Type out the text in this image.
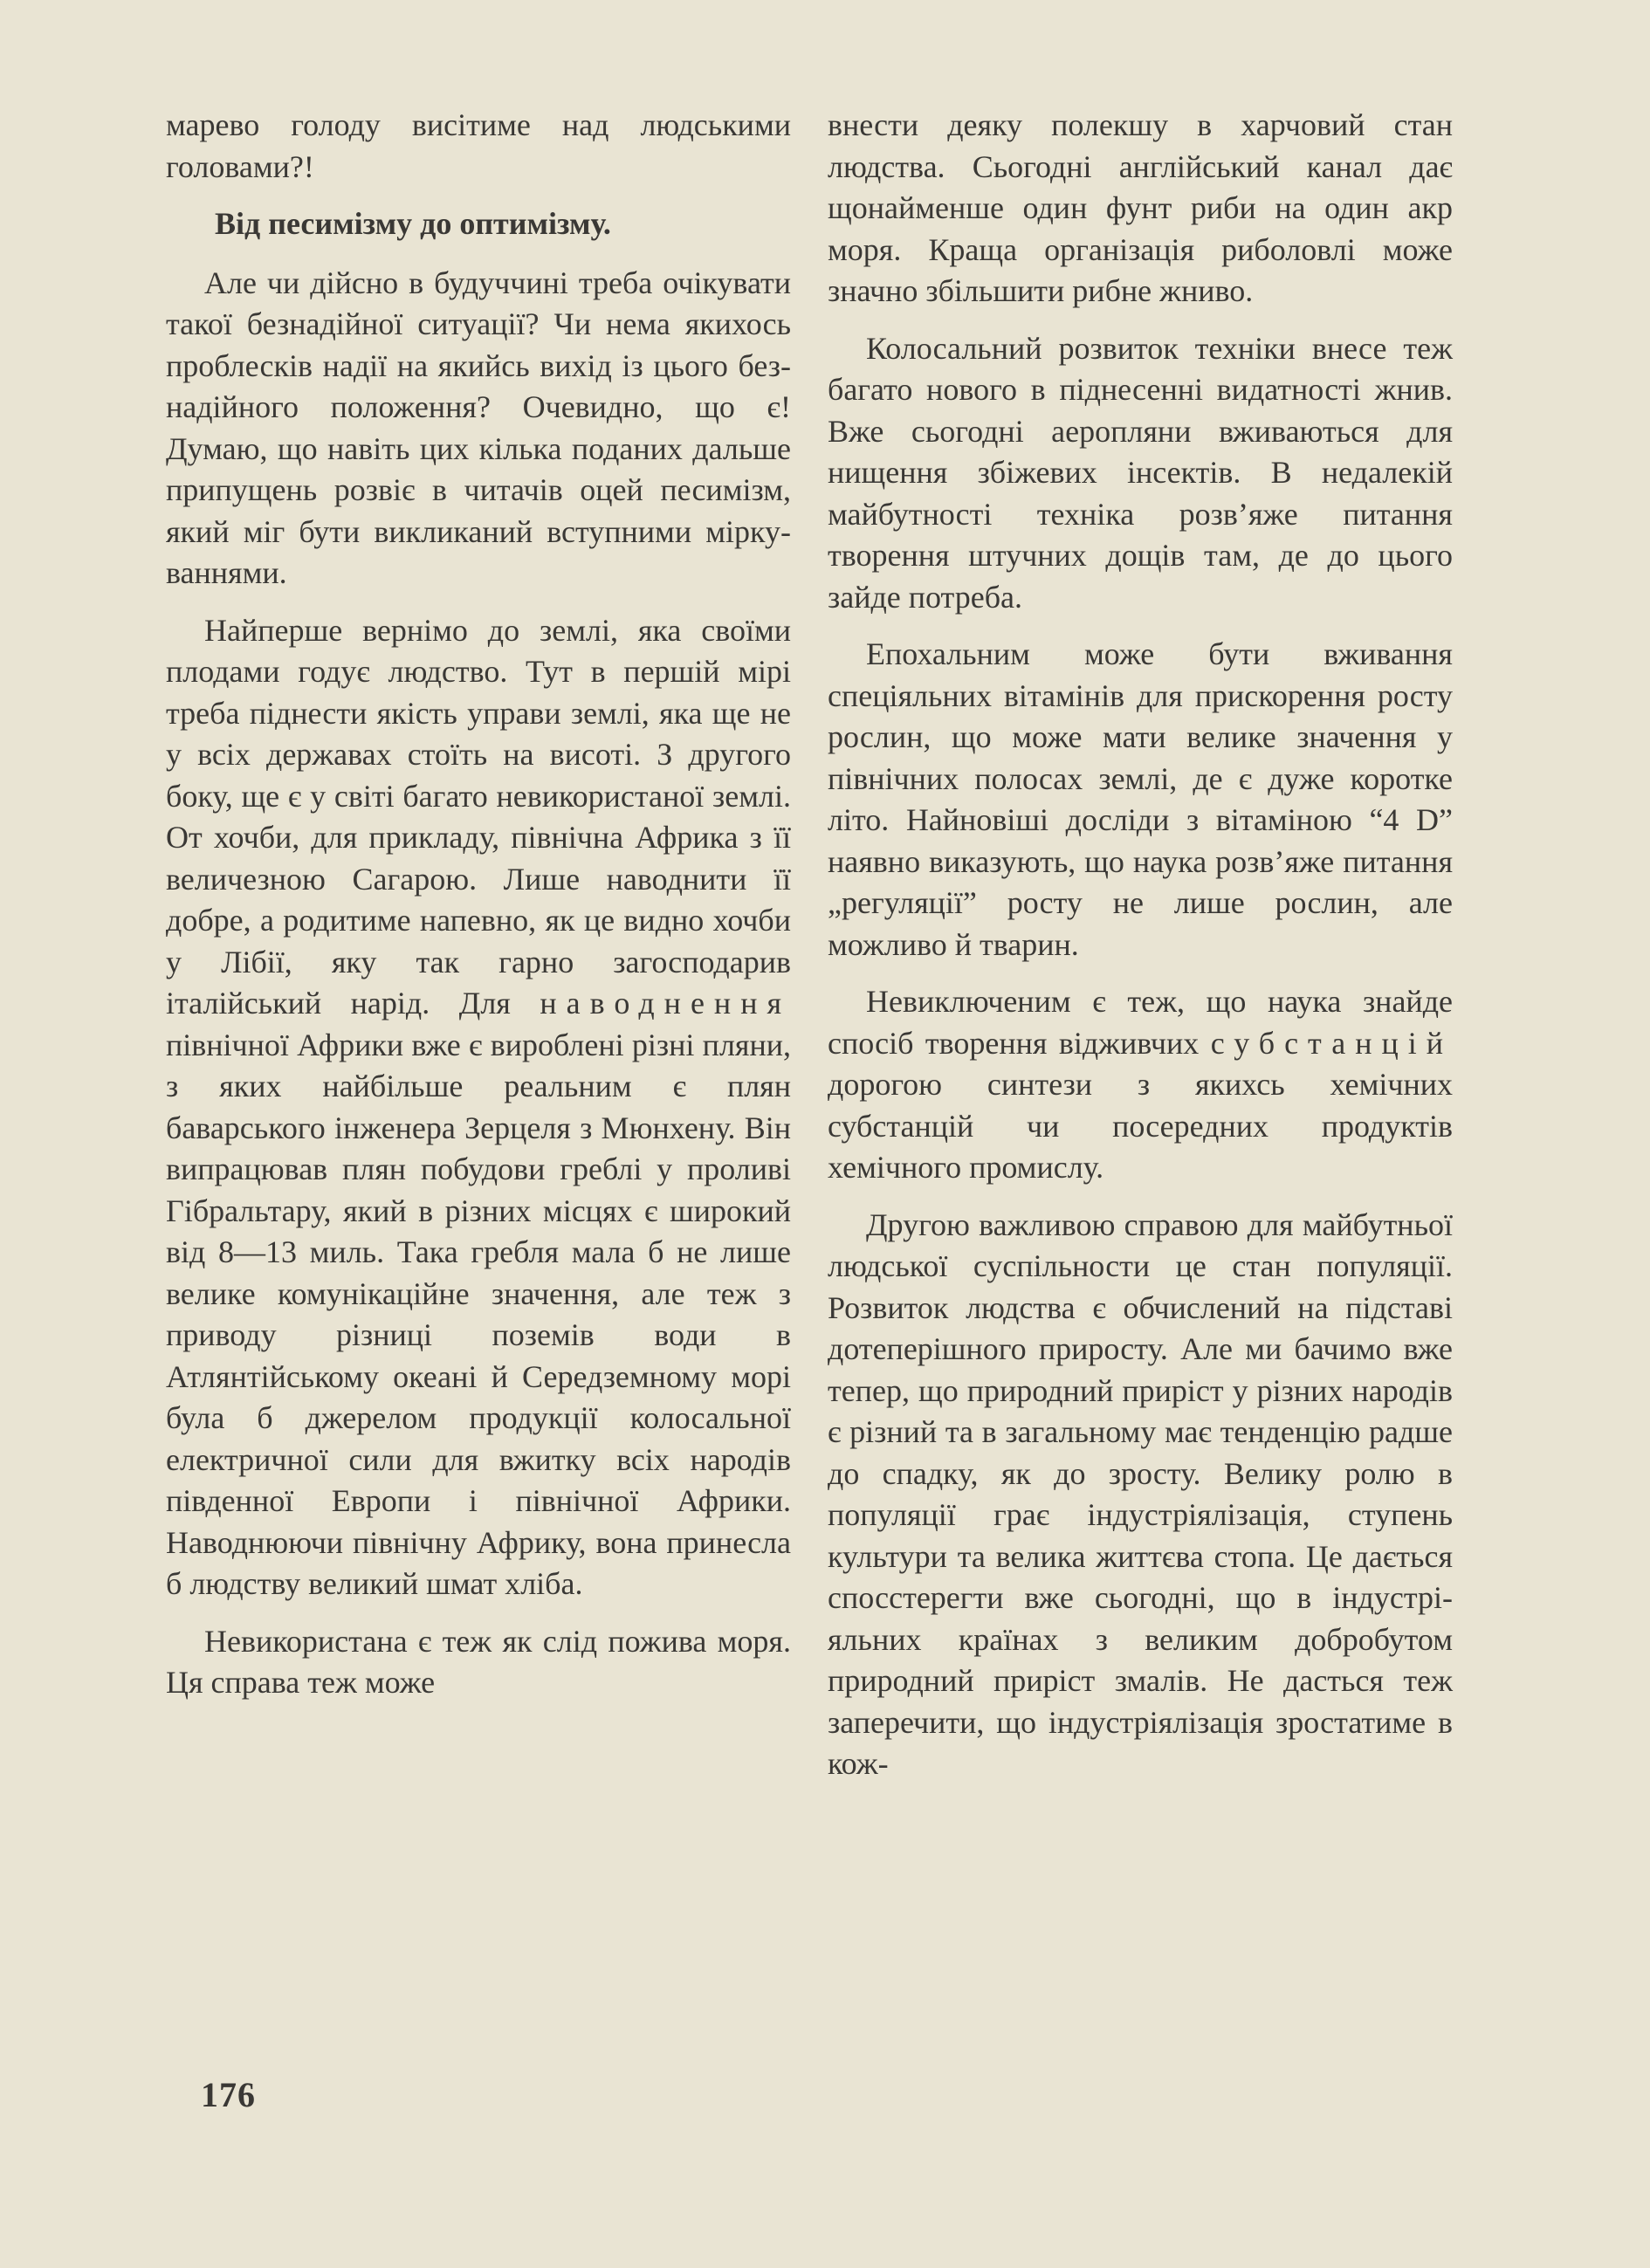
марево голоду висітиме над людськими головами?!

Від песимізму до оптимізму.

Але чи дійсно в будуччині треба очікувати такої безнадійної ситуації? Чи нема якихось проблесків надії на якийсь вихід із цього безнадійного положення? Очевидно, що є! Думаю, що навіть цих кілька поданих дальше припущень розвіє в читачів оцей песимізм, який міг бути викликаний вступними міркуваннями.

Найперше вернімо до землі, яка своїми плодами годує людство. Тут в першій мірі треба піднести якість управи землі, яка ще не у всіх державах стоїть на висоті. З другого боку, ще є у світі багато невикористаної землі. От хочби, для прикладу, північна Африка з її величезною Сагарою. Лише наводнити її добре, а родитиме напевно, як це видно хочби у Лібії, яку так гарно загосподарив італійський нарід. Для наводнення північної Африки вже є вироблені різні пляни, з яких найбільше реальним є плян баварського інженера Зерцеля з Мюнхену. Він випрацював плян побудови греблі у проливі Гібральтару, який в різних місцях є широкий від 8—13 миль. Така гребля мала б не лише велике комунікаційне значення, але теж з приводу різниці поземів води в Атлянтійському океані й Середземному морі була б джерелом продукції колосальної електричної сили для вжитку всіх народів південної Европи і північної Африки. Наводнюючи північну Африку, вона принесла б людству великий шмат хліба.

Невикористана є теж як слід пожива моря. Ця справа теж може

внести деяку полекшу в харчовий стан людства. Сьогодні англійський канал дає щонайменше один фунт риби на один акр моря. Краща організація риболовлі може значно збільшити рибне жниво.

Колосальний розвиток техніки внесе теж багато нового в піднесенні видатності жнив. Вже сьогодні аеропляни вживаються для нищення збіжевих інсектів. В недалекій майбутності техніка розв’яже питання творення штучних дощів там, де до цього зайде потреба.

Епохальним може бути вживання спеціяльних вітамінів для прискорення росту рослин, що може мати велике значення у північних полосах землі, де є дуже коротке літо. Найновіші досліди з вітаміною “4 D” наявно виказують, що наука розв’яже питання „регуляції” росту не лише рослин, але можливо й тварин.

Невиключеним є теж, що наука знайде спосіб творення відживчих субстанцій дорогою синтези з якихсь хемічних субстанцій чи посередних продуктів хемічного промислу.

Другою важливою справою для майбутньої людської суспільности це стан популяції. Розвиток людства є обчислений на підставі дотеперішного приросту. Але ми бачимо вже тепер, що природний приріст у різних народів є різний та в загальному має тенденцію радше до спадку, як до зросту. Велику ролю в популяції грає індустріялізація, ступень культури та велика життєва стопа. Це дається спосстерегти вже сьогодні, що в індустріяльних країнах з великим добробутом природний приріст змалів. Не дасться теж заперечити, що індустріялізація зростатиме в кож-

176
